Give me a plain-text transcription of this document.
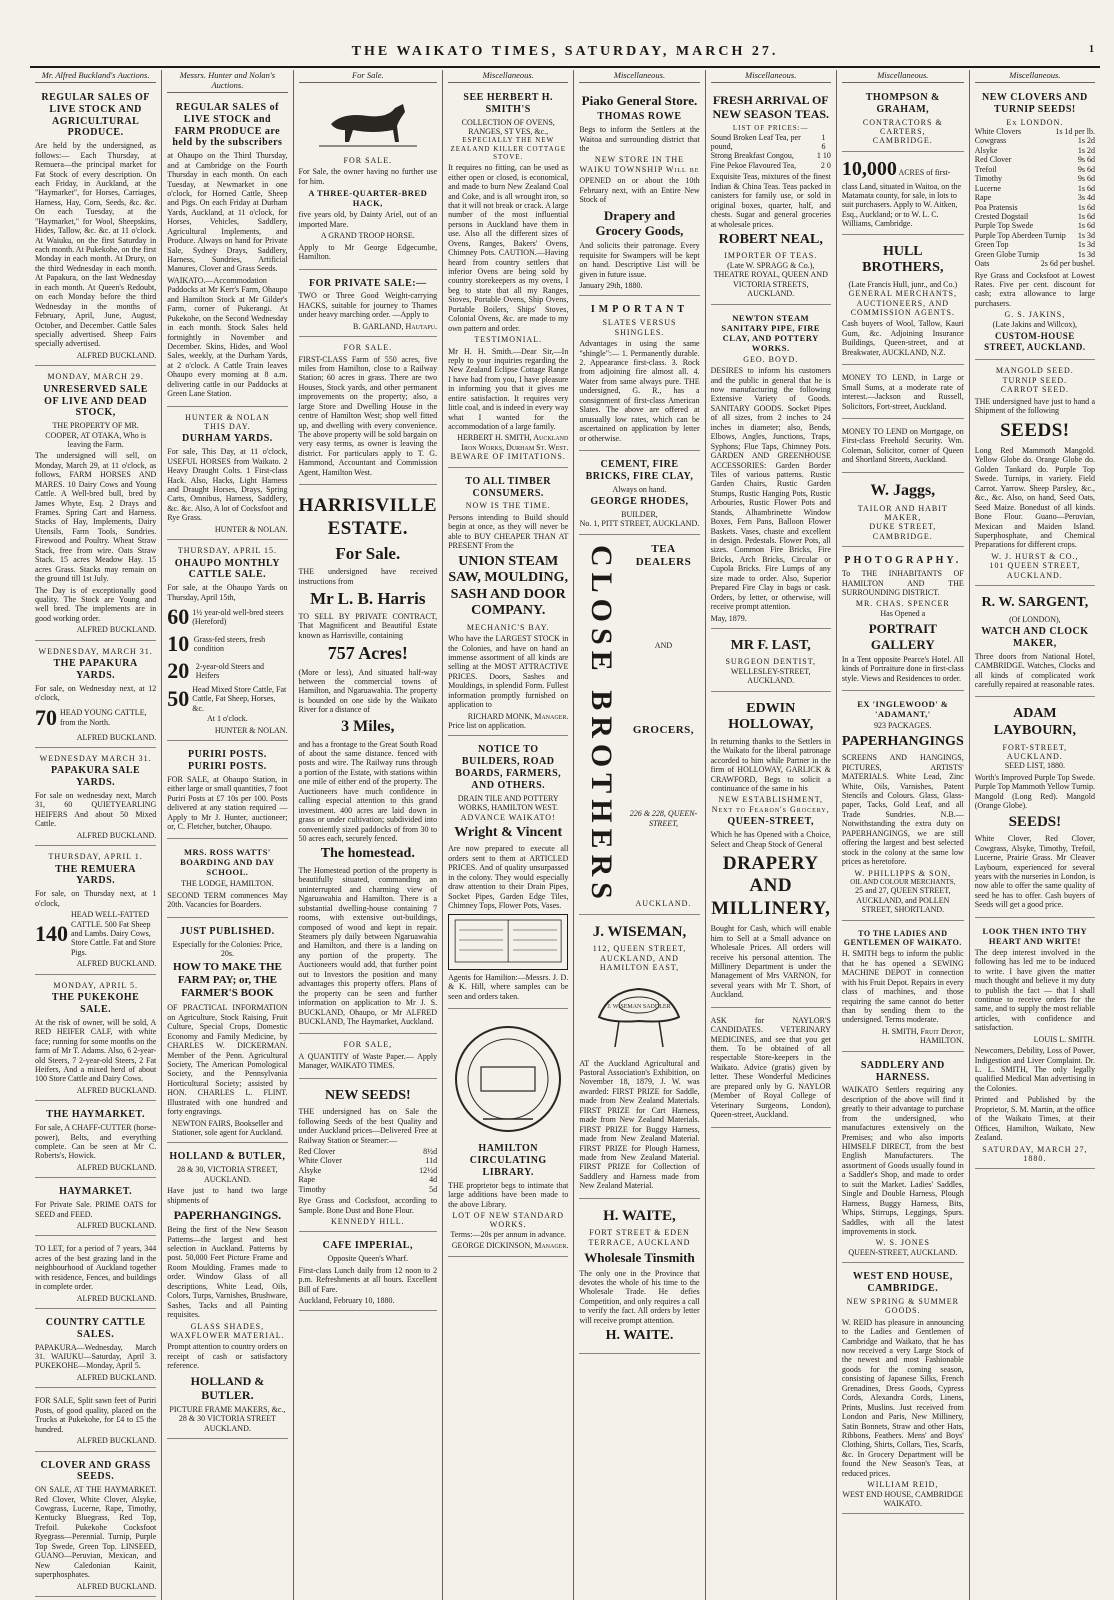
THE WAIKATO TIMES, SATURDAY, MARCH 27.	1
Mr. Alfred Buckland's Auctions.
REGULAR SALES OF LIVE STOCK AND AGRICULTURAL PRODUCE.

Are held by the undersigned, as follows:— Each Thursday, at Remuera—the principal market for Fat Stock of every description. On each Friday, in Auckland, at the "Haymarket", for Horses, Carriages, Harness, Hay, Corn, Seeds, &c. &c. On each Tuesday, at the "Haymarket," for Wool, Sheepskins, Hides, Tallow, &c. &c. at 11 o'clock. At Waiuku, on the first Saturday in each month. At Pukekohe, on the first Monday in each month. At Drury, on the third Wednesday in each month. At Papakura, on the last Wednesday in each month. At Queen's Redoubt, on each Monday before the third Wednesday in the months of February, April, June, August, October, and December. Cattle Sales specially advertised. Sheep Fairs specially advertised.

ALFRED BUCKLAND.
MONDAY, MARCH 29.
UNRESERVED SALE OF LIVE AND DEAD STOCK,
THE PROPERTY OF MR. COOPER, AT OTAKA, Who is leaving the Farm.

The undersigned will sell, on Monday, March 29, at 11 o'clock, as follows, FARM HORSES AND MARES. 10 Dairy Cows and Young Cattle. A Well-bred bull, bred by James Whyte, Esq. 2 Drays and Frames. Spring Cart and Harness. Stacks of Hay, Implements, Dairy Utensils, Farm Tools, Sundries. Firewood and Poultry. Wheat Straw Stack, free from wire. Oats Straw Stack. 15 acres Meadow Hay. 15 acres Grass. Stacks may remain on the ground till 1st July.

The Day is of exceptionally good quality. The Stock are Young and well bred. The implements are in good working order.

ALFRED BUCKLAND.
WEDNESDAY, MARCH 31.
THE PAPAKURA YARDS.

For sale, on Wednesday next, at 12 o'clock,

70 HEAD YOUNG CATTLE, from the North.
ALFRED BUCKLAND.
WEDNESDAY MARCH 31.
PAPAKURA SALE YARDS.

For sale on wednesday next, March 31, 60 QUIETYEARLING HEIFERS And about 50 Mixed Cattle.

ALFRED BUCKLAND.
THURSDAY, APRIL 1.
THE REMUERA YARDS.

For sale, on Thursday next, at 1 o'clock,

140
HEAD WELL-FATTED CATTLE. 500 Fat Sheep and Lambs. Dairy Cows, Store Cattle. Fat and Store Pigs.
ALFRED BUCKLAND.
MONDAY, APRIL 5.
THE PUKEKOHE SALE.

At the risk of owner, will be sold, A RED HEIFER CALF, with white face; running for some months on the farm of Mr T. Adams. Also, 6 2-year-old Steers, 7 2-year-old Steers, 2 Fat Heifers, And a mixed herd of about 100 Store Cattle and Dairy Cows.

ALFRED BUCKLAND.
THE HAYMARKET.

For sale, A CHAFF-CUTTER (horse-power), Belts, and everything complete. Can be seen at Mr C. Roberts's, Howick.

ALFRED BUCKLAND.
HAYMARKET.

For Private Sale. PRIME OATS for SEED and FEED.

ALFRED BUCKLAND.

TO LET, for a period of 7 years, 344 acres of the best grazing land in the neighbourhood of Auckland together with residence, Fences, and buildings in complete order.

ALFRED BUCKLAND.
COUNTRY CATTLE SALES.

PAPAKURA—Wednesday, March 31. WAIUKU—Saturday, April 3. PUKEKOHE—Monday, April 5.

ALFRED BUCKLAND.

FOR SALE, Split sawn feet of Puriri Posts, of good quality, placed on the Trucks at Pukekohe, for £4 to £5 the hundred.

ALFRED BUCKLAND.
CLOVER AND GRASS SEEDS.

ON SALE, AT THE HAYMARKET. Red Clover, White Clover, Alsyke, Cowgrass, Lucerne, Rape, Timothy, Kentucky Bluegrass, Red Top, Trefoil. Pukekohe Cocksfoot Ryegrass—Perennial. Turnip, Purple Top Swede, Green Top. LINSEED, GUANO—Peruvian, Mexican, and New Caledonian Kainit, superphosphates.

ALFRED BUCKLAND.
Messrs. Hunter and Nolan's Auctions.
REGULAR SALES of LIVE STOCK and FARM PRODUCE are held by the subscribers

at Ohaupo on the Third Thursday, and at Cambridge on the Fourth Thursday in each month. On each Tuesday, at Newmarket in one o'clock, for Horned Cattle, Sheep and Pigs. On each Friday at Durham Yards, Auckland, at 11 o'clock, for Horses, Vehicles, Saddlery, Agricultural Implements, and Produce. Always on hand for Private Sale, Sydney Drays, Saddlery, Harness, Sundries, Artificial Manures, Clover and Grass Seeds.

WAIKATO.—Accommodation Paddocks at Mr Kerr's Farm, Ohaupo and Hamilton Stock at Mr Gilder's Farm, corner of Pukerangi. At Pukekohe, on the Second Wednesday in each month. Stock Sales held fortnightly in November and December. Skins, Hides, and Wool Sales, weekly, at the Durham Yards, at 2 o'clock. A Cattle Train leaves Ohaupo every morning at 8 a.m. delivering cattle in our Paddocks at Green Lane Station.

HUNTER & NOLAN
THIS DAY.
DURHAM YARDS.

For sale, This Day, at 11 o'clock, USEFUL HORSES from Waikato. 2 Heavy Draught Colts. 1 First-class Hack. Also, Hacks, Light Harness and Draught Horses, Drays, Spring Carts, Omnibus, Harness, Saddlery, &c. &c. Also, A lot of Cocksfoot and Rye Grass.

HUNTER & NOLAN.
THURSDAY, APRIL 15.
OHAUPO MONTHLY CATTLE SALE.

For sale, at the Ohaupo Yards on Thursday, April 15th,

60 1½ year-old well-bred steers (Hereford)
10 Grass-fed steers, fresh condition
20 2-year-old Steers and Heifers
50 Head Mixed Store Cattle, Fat Cattle, Fat Sheep, Horses, &c.
At 1 o'clock.
HUNTER & NOLAN.
PURIRI POSTS. PURIRI POSTS.

FOR SALE, at Ohaupo Station, in either large or small quantities, 7 foot Puriri Posts at £7 10s per 100. Posts delivered at any station required — Apply to Mr J. Hunter, auctioneer; or, C. Fletcher, butcher, Ohaupo.

MRS. ROSS WATTS' BOARDING AND DAY SCHOOL.
THE LODGE, HAMILTON.

SECOND TERM commences May 20th. Vacancies for Boarders.

JUST PUBLISHED.
Especially for the Colonies: Price, 20s.
HOW TO MAKE THE FARM PAY; or, THE FARMER'S BOOK

OF PRACTICAL INFORMATION on Agriculture, Stock Raising, Fruit Culture, Special Crops, Domestic Economy and Family Medicine, by CHARLES W. DICKERMAN. Member of the Penn. Agricultural Society, The American Pomological Society, and the Pennsylvania Horticultural Society; assisted by HON. CHARLES L. FLINT. Illustrated with one hundred and forty engravings.

NEWTON FAIRS, Bookseller and Stationer, sole agent for Auckland.
HOLLAND & BUTLER,
28 & 30, VICTORIA STREET, AUCKLAND.

Have just to hand two large shipments of

PAPERHANGINGS.

Being the first of the New Season Patterns—the largest and best selection in Auckland. Patterns by post. 50,000 Feet Picture Frame and Room Moulding. Frames made to order. Window Glass of all descriptions, White Lead, Oils, Colors, Turps, Varnishes, Brushware, Sashes, Tacks and all Painting requisites.

GLASS SHADES, WAXFLOWER MATERIAL.

Prompt attention to country orders on receipt of cash or satisfactory reference.

HOLLAND & BUTLER.
PICTURE FRAME MAKERS, &c., 28 & 30 VICTORIA STREET AUCKLAND.
For Sale.
FOR SALE.

For Sale, the owner having no further use for him.

A THREE-QUARTER-BRED HACK,

five years old, by Dainty Ariel, out of an imported Mare.

A GRAND TROOP HORSE.

Apply to Mr George Edgecumbe, Hamilton.

FOR PRIVATE SALE:—

TWO or Three Good Weight-carrying HACKS, suitable for journey to Thames under heavy marching order. —Apply to

B. GARLAND, Hautapu.
FOR SALE.

FIRST-CLASS Farm of 550 acres, five miles from Hamilton, close to a Railway Station; 60 acres in grass. There are two Houses, Stock yards, and other permanent improvements on the property; also, a large Store and Dwelling House in the centre of Hamilton West; shop well fitted up, and dwelling with every convenience. The above property will be sold bargain on very easy terms, as owner is leaving the district. For particulars apply to T. G. Hammond, Accountant and Commission Agent, Hamilton West.

HARRISVILLE ESTATE.
For Sale.

THE undersigned have received instructions from

Mr L. B. Harris

TO SELL BY PRIVATE CONTRACT, That Magnificent and Beautiful Estate known as Harrisville, containing

757 Acres!

(More or less), And situated half-way between the commercial towns of Hamilton, and Ngaruawahia. The property is bounded on one side by the Waikato River for a distance of

3 Miles,

and has a frontage to the Great South Road of about the same distance. fenced with posts and wire. The Railway runs through a portion of the Estate, with stations within one mile of either end of the property. The Auctioneers have much confidence in calling especial attention to this grand investment. 400 acres are laid down in grass or under cultivation; subdivided into conveniently sized paddocks of from 30 to 50 acres each, securely fenced.

The homestead.

The Homestead portion of the property is beautifully situated, commanding an uninterrupted and charming view of Ngaruawahia and Hamilton. There is a substantial dwelling-house containing 7 rooms, with extensive out-buildings, composed of wood and kept in repair. Steamers ply daily between Ngaruawahia and Hamilton, and there is a landing on any portion of the property. The Auctioneers would add, that further point out to Investors the position and many advantages this property offers. Plans of the property can be seen and further information on application to Mr J. S. BUCKLAND, Ohaupo, or Mr ALFRED BUCKLAND, The Haymarket, Auckland.

FOR SALE,

A QUANTITY of Waste Paper.— Apply Manager, WAIKATO TIMES.

NEW SEEDS!

THE undersigned has on Sale the following Seeds of the best Quality and under Auckland prices—Delivered Free at Railway Station or Steamer:—

Red Clover	8½d
White Clover	11d
Alsyke	12½d
Rape	4d
Timothy	5d

Rye Grass and Cocksfoot, according to Sample. Bone Dust and Bone Flour.

KENNEDY HILL.
CAFE IMPERIAL,
Opposite Queen's Wharf.

First-class Lunch daily from 12 noon to 2 p.m. Refreshments at all hours. Excellent Bill of Fare.

Auckland, February 10, 1880.
Miscellaneous.
SEE HERBERT H. SMITH'S
COLLECTION OF OVENS, RANGES, ST VES, &c.,
ESPECIALLY THE NEW ZEALAND KILLER COTTAGE STOVE.

It requires no fitting, can be used as either open or closed, is economical, and made to burn New Zealand Coal and Coke, and is all wrought iron, so that it will not break or crack. A large number of the most influential persons in Auckland have them in use. Also all the different sizes of Ovens, Ranges, Bakers' Ovens, Chimney Pots. CAUTION.—Having heard from country settlers that inferior Ovens are being sold by country storekeepers as my ovens, I beg to state that all my Ranges, Stoves, Portable Ovens, Ship Ovens, Portable Boilers, Ships' Stoves, Colonial Ovens, &c. are made to my own pattern and order.

TESTIMONIAL.

Mr H. H. Smith.—Dear Sir,—In reply to your inquiries regarding the New Zealand Eclipse Cottage Range I have had from you, I have pleasure in informing you that it gives me entire satisfaction. It requires very little coal, and is indeed in every way what I wanted for the accommodation of a large family.

HERBERT H. SMITH, Auckland Iron Works, Durham St. West.
BEWARE OF IMITATIONS.
TO ALL TIMBER CONSUMERS.
NOW IS THE TIME.

Persons intending to Build should begin at once, as they will never be able to BUY CHEAPER THAN AT PRESENT From the

UNION STEAM SAW, MOULDING, SASH AND DOOR COMPANY.
MECHANIC'S BAY.

Who have the LARGEST STOCK in the Colonies, and have on hand an immense assortment of all kinds are selling at the MOST ATTRACTIVE PRICES. Doors, Sashes and Mouldings, in splendid Form. Fullest information promptly furnished on application to

RICHARD MONK, Manager.
Price list on application.
NOTICE TO BUILDERS, ROAD BOARDS, FARMERS, AND OTHERS.
DRAIN TILE AND POTTERY WORKS, HAMILTON WEST.
ADVANCE WAIKATO!
Wright & Vincent

Are now prepared to execute all orders sent to them at ARTICLED PRICES. And of quality unsurpassed in the colony. They would especially draw attention to their Drain Pipes, Socket Pipes, Garden Edge Tiles, Chimney Tops, Flower Pots, Vases.

Agents for Hamilton:—Messrs. J. D. & K. Hill, where samples can be seen and orders taken.

HAMILTON CIRCULATING LIBRARY.

THE proprietor begs to intimate that large additions have been made to the above Library.

LOT OF NEW STANDARD WORKS.
Terms:—20s per annum in advance.
GEORGE DICKINSON, Manager.
Miscellaneous.
Piako General Store.
THOMAS ROWE

Begs to inform the Settlers at the Waitoa and surrounding district that the

NEW STORE IN THE WAIKU TOWNSHIP Will be

OPENED on or about the 10th February next, with an Entire New Stock of

Drapery and Grocery Goods,

And solicits their patronage. Every requisite for Swampers will be kept on hand. Descriptive List will be given in future issue.

January 29th, 1880.
IMPORTANT
SLATES VERSUS SHINGLES.

Advantages in using the same "shingle":— 1. Permanently durable. 2. Appearance first-class. 3. Rock from adjoining fire almost all. 4. Water from same always pure. THE undersigned, G. R., has a consignment of first-class American Slates. The above are offered at unusually low rates, which can be ascertained on application by letter or otherwise.

CEMENT, FIRE BRICKS, FIRE CLAY,
Always on hand.
GEORGE RHODES,
BUILDER,
No. 1, PITT STREET, AUCKLAND.
CLOSE BROTHERS	TEA DEALERS
AND
GROCERS,
226 & 228, QUEEN-STREET,
AUCKLAND.
J. WISEMAN,
112, QUEEN STREET, AUCKLAND, AND HAMILTON EAST,
J. WISEMAN SADDLER

AT the Auckland Agricultural and Pastoral Association's Exhibition, on November 18, 1879, J. W. was awarded: FIRST PRIZE for Saddle, made from New Zealand Materials. FIRST PRIZE for Cart Harness, made from New Zealand Materials. FIRST PRIZE for Buggy Harness, made from New Zealand Material. FIRST PRIZE for Plough Harness, made from New Zealand Material. FIRST PRIZE for Collection of Saddlery and Harness made from New Zealand Material.

H. WAITE,
FORT STREET & EDEN TERRACE, AUCKLAND
Wholesale Tinsmith

The only one in the Province that devotes the whole of his time to the Wholesale Trade. He defies Competition, and only requires a call to verify the fact. All orders by letter will receive prompt attention.

H. WAITE.
Miscellaneous.
FRESH ARRIVAL OF NEW SEASON TEAS.
LIST OF PRICES:—
Sound Broken Leaf Tea, per pound,
1 6
Strong Breakfast Congou,	1 10
Fine Pekoe Flavoured Tea,	2 0

Exquisite Teas, mixtures of the finest Indian & China Teas. Teas packed in canisters for family use, or sold in original boxes, quarter, half, and chests. Sugar and general groceries at wholesale prices.

ROBERT NEAL,
IMPORTER OF TEAS.
(Late W. SPRAGG & Co.),
THEATRE ROYAL, QUEEN AND VICTORIA STREETS, AUCKLAND.
NEWTON STEAM SANITARY PIPE, FIRE CLAY, AND POTTERY WORKS.
GEO. BOYD.

DESIRES to inform his customers and the public in general that he is now manufacturing the following Extensive Variety of Goods. SANITARY GOODS. Socket Pipes of all sizes, from 2 inches to 24 inches in diameter; also, Bends, Elbows, Angles, Junctions, Traps, Syphons; Flue Taps, Chimney Pots. GARDEN AND GREENHOUSE ACCESSORIES: Garden Border Tiles of various patterns. Rustic Garden Chairs, Rustic Garden Stumps, Rustic Hanging Pots, Rustic Arbouries, Rustic Flower Pots and Stands, Alhambrinette Window Boxes, Fern Pans, Balloon Flower Baskets. Vases, chaste and excellent in design. Pedestals. Flower Pots, all sizes. Common Fire Bricks, Fire Bricks, Arch Bricks, Circular or Cupola Bricks. Fire Lumps of any size made to order. Also, Superior Prepared Fire Clay in bags or cask. Orders, by letter, or otherwise, will receive prompt attention.

May, 1879.
MR F. LAST,
SURGEON DENTIST,
WELLESLEY-STREET, AUCKLAND.
EDWIN HOLLOWAY,

In returning thanks to the Settlers in the Waikato for the liberal patronage accorded to him while Partner in the firm of HOLLOWAY, GARLICK & CRAWFORD, Begs to solicit a continuance of the same in his

NEW ESTABLISHMENT, Next to Fearon's Grocery,
QUEEN-STREET,

Which he has Opened with a Choice, Select and Cheap Stock of General

DRAPERY AND MILLINERY,

Bought for Cash, which will enable him to Sell at a Small advance on Wholesale Prices. All orders will receive his personal attention. The Millinery Department is under the Management of Mrs VARNON, for several years with Mr T. Short, of Auckland.

ASK for NAYLOR'S CANDIDATES. VETERINARY MEDICINES, and see that you get them. To be obtained of all respectable Store-keepers in the Waikato. Advice (gratis) given by letter. These Wonderful Medicines are prepared only by G. NAYLOR (Member of Royal College of Veterinary Surgeons, London), Queen-street, Auckland.

Miscellaneous.
THOMPSON & GRAHAM,
CONTRACTORS & CARTERS,
CAMBRIDGE.
10,000 ACRES of first-class Land, situated in Waitoa, on the Matamata county, for sale, in lots to suit purchasers. Apply to W. Aitken, Esq., Auckland; or to W. L. C. Williams, Cambridge.
HULL BROTHERS,
(Late Francis Hull, junr., and Co.)
GENERAL MERCHANTS, AUCTIONEERS, AND COMMISSION AGENTS.

Cash buyers of Wool, Tallow, Kauri Gum, &c. Adjoining Insurance Buildings, Queen-street, and at Breakwater, AUCKLAND, N.Z.

MONEY TO LEND, in Large or Small Sums, at a moderate rate of interest.—Jackson and Russell, Solicitors, Fort-street, Auckland.

MONEY TO LEND on Mortgage, on First-class Freehold Security. Wm. Coleman, Solicitor, corner of Queen and Shortland Streets, Auckland.

W. Jaggs,
TAILOR AND HABIT MAKER,
DUKE STREET, CAMBRIDGE.
PHOTOGRAPHY.

To THE INHABITANTS OF HAMILTON AND THE SURROUNDING DISTRICT.

MR. CHAS. SPENCER
Has Opened a
PORTRAIT GALLERY

In a Tent opposite Pearce's Hotel. All kinds of Portraiture done in first-class style. Views and Residences to order.

EX 'INGLEWOOD' & 'ADAMANT,'
923 PACKAGES.
PAPERHANGINGS

SCREENS AND HANGINGS, PICTURES, ARTISTS' MATERIALS. White Lead, Zinc White, Oils, Varnishes, Patent Stencils and Colours. Glass, Glass-paper, Tacks, Gold Leaf, and all Trade Sundries. N.B.—Notwithstanding the extra duty on PAPERHANGINGS, we are still offering the largest and best selected stock in the colony at the same low prices as heretofore.

W. PHILLIPPS & SON,
OIL AND COLOUR MERCHANTS,
25 and 27, QUEEN STREET, AUCKLAND, and POLLEN STREET, SHORTLAND.
TO THE LADIES AND GENTLEMEN OF WAIKATO.

H. SMITH begs to inform the public that he has opened a SEWING MACHINE DEPOT in connection with his Fruit Depot. Repairs in every class of machines, and those requiring the same cannot do better than by sending them to the undersigned. Terms moderate.

H. SMITH, Fruit Depot, HAMILTON.
SADDLERY AND HARNESS.

WAIKATO Settlers requiring any description of the above will find it greatly to their advantage to purchase from the undersigned, who manufactures extensively on the Premises; and who also imports HIMSELF DIRECT, from the best English Manufacturers. The assortment of Goods usually found in a Saddler's Shop, and made to order to suit the Market. Ladies' Saddles, Single and Double Harness, Plough Harness, Buggy Harness, Bits, Whips, Stirrups, Leggings, Spurs. Saddles, with all the latest improvements in stock.

W. S. JONES
QUEEN-STREET, AUCKLAND.
WEST END HOUSE, CAMBRIDGE.
NEW SPRING & SUMMER GOODS.

W. REID has pleasure in announcing to the Ladies and Gentlemen of Cambridge and Waikato, that he has now received a very Large Stock of the newest and most Fashionable goods for the coming season, consisting of Japanese Silks, French Grenadines, Dress Goods, Cypress Cords, Alexandra Cords, Linens, Prints, Muslins. Just received from London and Paris, New Millinery, Satin Bonnets, Straw and other Hats, Ribbons, Feathers. Mens' and Boys' Clothing, Shirts, Collars, Ties, Scarfs, &c. In Grocery Department will be found the New Season's Teas, at reduced prices.

WILLIAM REID,
WEST END HOUSE, CAMBRIDGE WAIKATO.
Miscellaneous.
NEW CLOVERS AND TURNIP SEEDS!
Ex LONDON.
White Clovers	1s 1d per lb.
Cowgrass	1s 2d
Alsyke	1s 2d
Red Clover	9s 6d
Trefoil	9s 6d
Timothy	9s 6d
Lucerne	1s 6d
Rape	3s 4d
Poa Pratensis	1s 6d
Crested Dogstail	1s 6d
Purple Top Swede	1s 6d
Purple Top Aberdeen Turnip 1s 3d
Green Top	1s 3d
Green Globe Turnip	1s 3d
Oats	2s 6d per bushel.

Rye Grass and Cocksfoot at Lowest Rates. Five per cent. discount for cash; extra allowance to large purchasers.

G. S. JAKINS,
(Late Jakins and Willcox),
CUSTOM-HOUSE STREET, AUCKLAND.
MANGOLD SEED.
TURNIP SEED.
CARROT SEED.

THE undersigned have just to hand a Shipment of the following

SEEDS!

Long Red Mammoth Mangold. Yellow Globe do. Orange Globe do. Golden Tankard do. Purple Top Swede. Turnips, in variety. Field Carrot. Yarrow. Sheep Parsley, &c., &c., &c. Also, on hand, Seed Oats, Seed Maize. Bonedust of all kinds. Bone Flour. Guano—Peruvian, Mexican and Maiden Island. Superphosphate, and Chemical Preparations for different crops.

W. J. HURST & CO.,
101 QUEEN STREET, AUCKLAND.
R. W. SARGENT,
(Of LONDON),
WATCH AND CLOCK MAKER,

Three doors from National Hotel, CAMBRIDGE. Watches, Clocks and all kinds of complicated work carefully repaired at reasonable rates.

ADAM LAYBOURN,
FORT-STREET, AUCKLAND.
SEED LIST, 1880.

Worth's Improved Purple Top Swede. Purple Top Mammoth Yellow Turnip. Mangold (Long Red). Mangold (Orange Globe).

SEEDS!

White Clover, Red Clover, Cowgrass, Alsyke, Timothy, Trefoil, Lucerne, Prairie Grass. Mr Cleaver Laybourn, experienced for several years with the nurseries in London, is now able to offer the same quality of seed he has to offer. Cash buyers of Seeds will get a good price.

LOOK THEN INTO THY HEART AND WRITE!

The deep interest involved in the following has led me to be induced to write. I have given the matter much thought and believe it my duty to publish the fact — that I shall continue to receive orders for the same, and to supply the most reliable articles, with confidence and satisfaction.

LOUIS L. SMITH.

Newcomers, Debility, Loss of Power, Indigestion and Liver Complaint. Dr. L. L. SMITH, The only legally qualified Medical Man advertising in the Colonies.

Printed and Published by the Proprietor, S. M. Martin, at the office of the Waikato Times, at their Offices, Hamilton, Waikato, New Zealand.

SATURDAY, MARCH 27, 1880.
